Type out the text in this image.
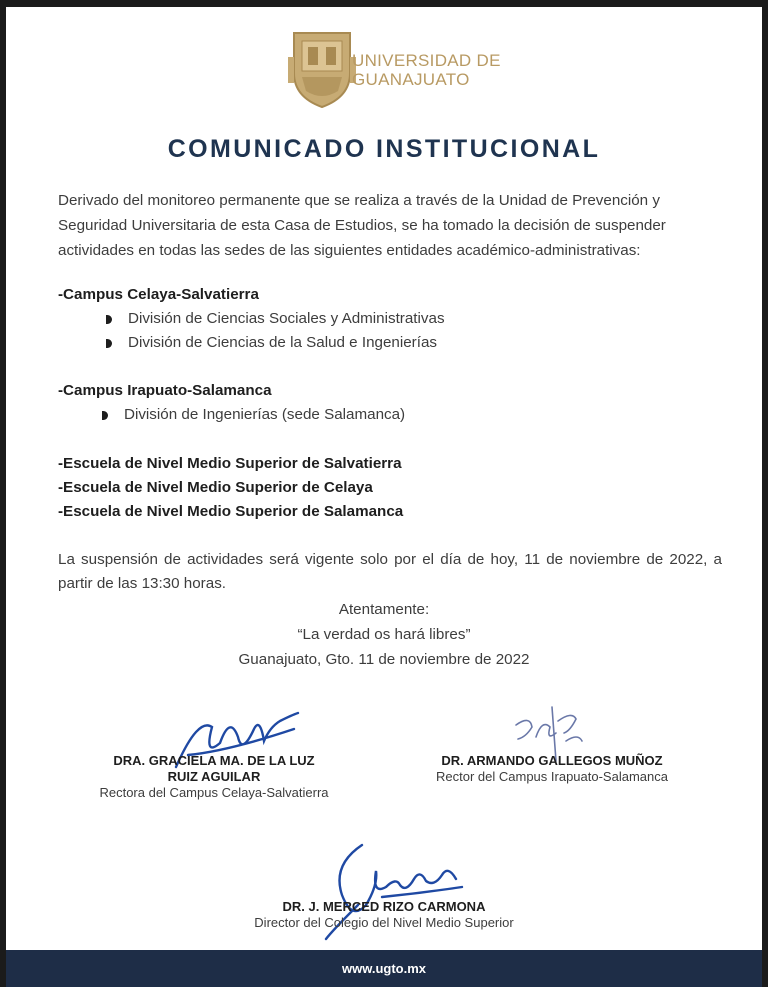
UNIVERSIDAD DE
GUANAJUATO
COMUNICADO INSTITUCIONAL

Derivado del monitoreo permanente que se realiza a través de la Unidad de Prevención y Seguridad Universitaria de esta Casa de Estudios, se ha tomado la decisión de suspender actividades en todas las sedes de las siguientes entidades académico-administrativas:

-Campus Celaya-Salvatierra
División de Ciencias Sociales y Administrativas
División de Ciencias de la Salud e Ingenierías
-Campus Irapuato-Salamanca
División de Ingenierías (sede Salamanca)
-Escuela de Nivel Medio Superior de Salvatierra
-Escuela de Nivel Medio Superior de Celaya
-Escuela de Nivel Medio Superior de Salamanca

La suspensión de actividades será vigente solo por el día de hoy, 11 de noviembre de 2022, a partir de las 13:30 horas.

Atentamente:
“La verdad os hará libres”
Guanajuato, Gto. 11 de noviembre de 2022
DRA. GRACIELA MA. DE LA LUZ
RUIZ AGUILAR
Rectora del Campus Celaya-Salvatierra
DR. ARMANDO GALLEGOS MUÑOZ
Rector del Campus Irapuato-Salamanca
DR. J. MERCED RIZO CARMONA
Director del Colegio del Nivel Medio Superior
www.ugto.mx
